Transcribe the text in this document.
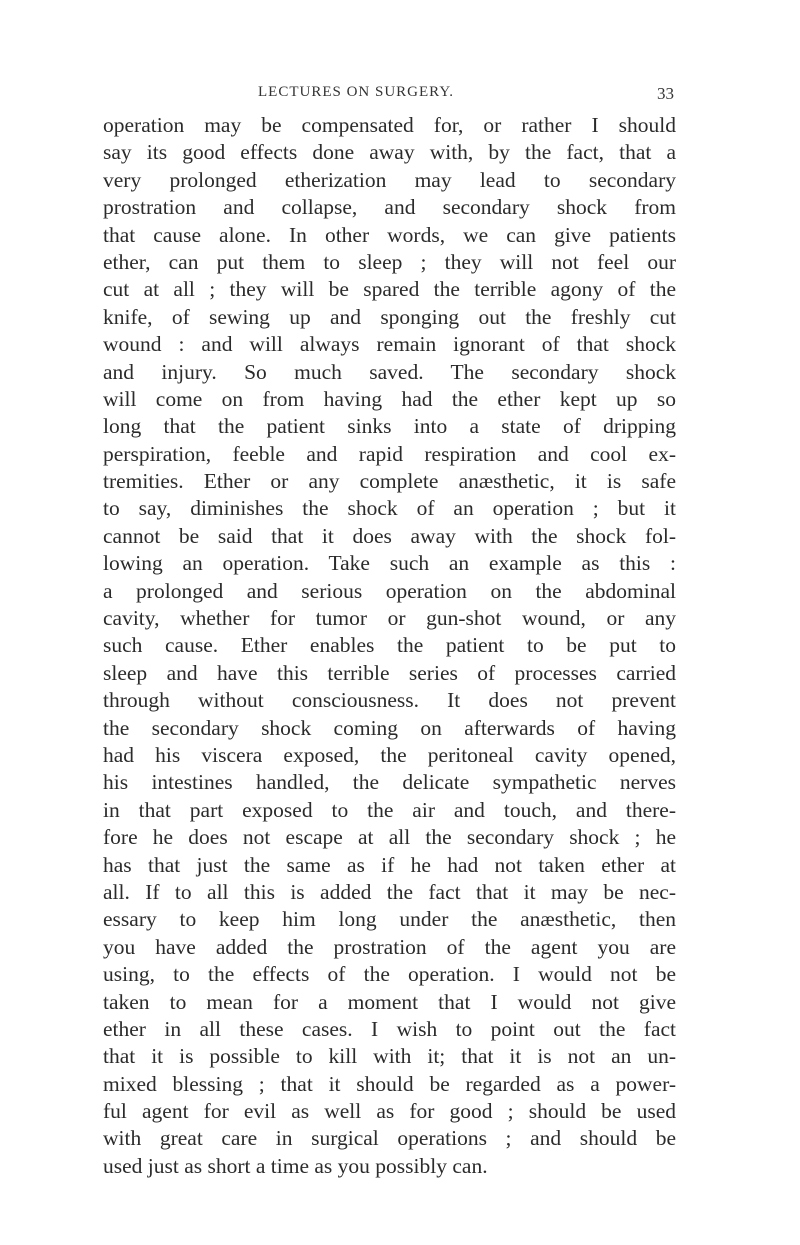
LECTURES ON SURGERY.	33
operation may be compensated for, or rather I should
say its good effects done away with, by the fact, that a
very prolonged etherization may lead to secondary
prostration and collapse, and secondary shock from
that cause alone. In other words, we can give patients
ether, can put them to sleep ; they will not feel our
cut at all ; they will be spared the terrible agony of the
knife, of sewing up and sponging out the freshly cut
wound : and will always remain ignorant of that shock
and injury. So much saved. The secondary shock
will come on from having had the ether kept up so
long that the patient sinks into a state of dripping
perspiration, feeble and rapid respiration and cool ex-
tremities. Ether or any complete anæsthetic, it is safe
to say, diminishes the shock of an operation ; but it
cannot be said that it does away with the shock fol-
lowing an operation. Take such an example as this :
a prolonged and serious operation on the abdominal
cavity, whether for tumor or gun-shot wound, or any
such cause. Ether enables the patient to be put to
sleep and have this terrible series of processes carried
through without consciousness. It does not prevent
the secondary shock coming on afterwards of having
had his viscera exposed, the peritoneal cavity opened,
his intestines handled, the delicate sympathetic nerves
in that part exposed to the air and touch, and there-
fore he does not escape at all the secondary shock ; he
has that just the same as if he had not taken ether at
all. If to all this is added the fact that it may be nec-
essary to keep him long under the anæsthetic, then
you have added the prostration of the agent you are
using, to the effects of the operation. I would not be
taken to mean for a moment that I would not give
ether in all these cases. I wish to point out the fact
that it is possible to kill with it; that it is not an un-
mixed blessing ; that it should be regarded as a power-
ful agent for evil as well as for good ; should be used
with great care in surgical operations ; and should be
used just as short a time as you possibly can.
